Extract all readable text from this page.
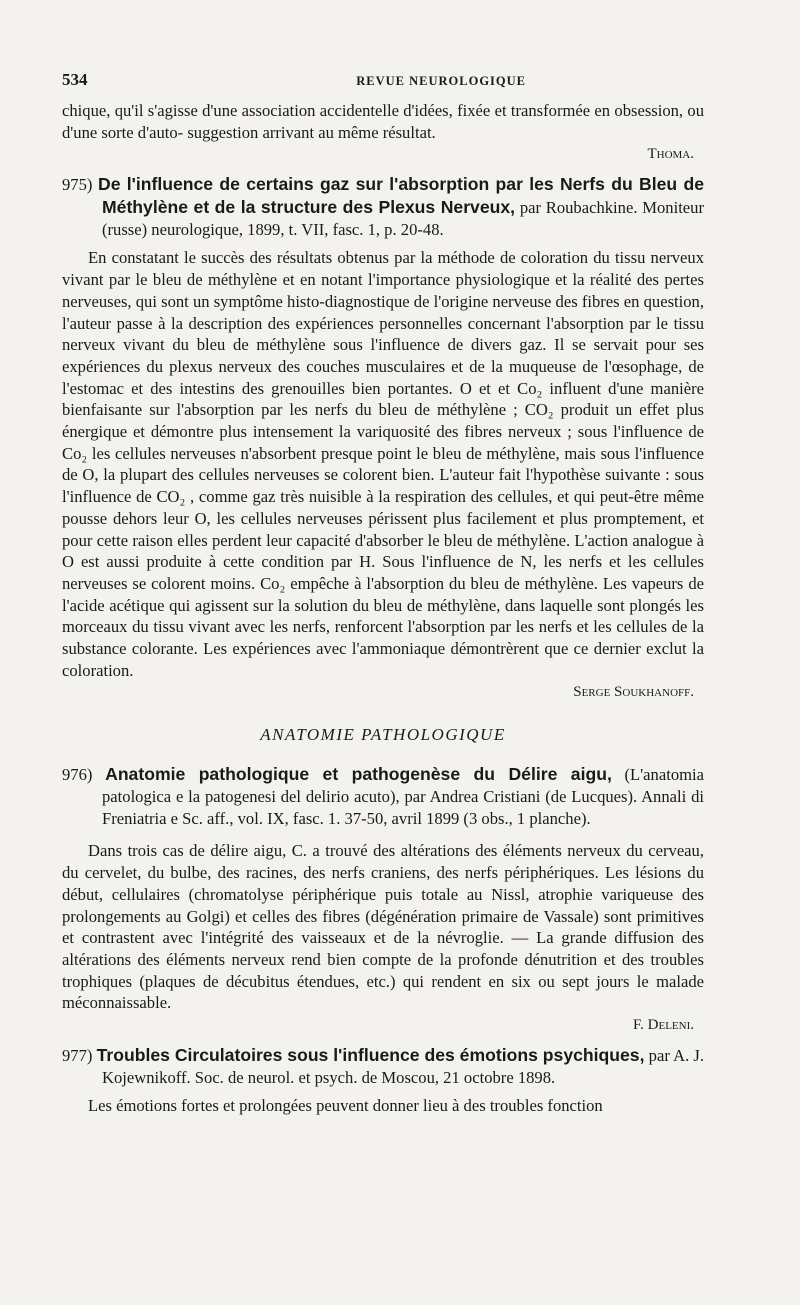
534	REVUE NEUROLOGIQUE

chique, qu'il s'agisse d'une association accidentelle d'idées, fixée et transformée en obsession, ou d'une sorte d'auto- suggestion arrivant au même résultat.

Thoma.
975) De l'influence de certains gaz sur l'absorption par les Nerfs du Bleu de Méthylène et de la structure des Plexus Nerveux, par Roubachkine. Moniteur (russe) neurologique, 1899, t. VII, fasc. 1, p. 20-48.

En constatant le succès des résultats obtenus par la méthode de coloration du tissu nerveux vivant par le bleu de méthylène et en notant l'importance physiologique et la réalité des pertes nerveuses, qui sont un symptôme histo-diagnostique de l'origine nerveuse des fibres en question, l'auteur passe à la description des expériences personnelles concernant l'absorption par le tissu nerveux vivant du bleu de méthylène sous l'influence de divers gaz. Il se servait pour ses expériences du plexus nerveux des couches musculaires et de la muqueuse de l'œsophage, de l'estomac et des intestins des grenouilles bien portantes. O et et Co₂ influent d'une manière bienfaisante sur l'absorption par les nerfs du bleu de méthylène ; CO₂ produit un effet plus énergique et démontre plus intensement la variquosité des fibres nerveux ; sous l'influence de Co₂ les cellules nerveuses n'absorbent presque point le bleu de méthylène, mais sous l'influence de O, la plupart des cellules nerveuses se colorent bien. L'auteur fait l'hypothèse suivante : sous l'influence de CO₂ , comme gaz très nuisible à la respiration des cellules, et qui peut-être même pousse dehors leur O, les cellules nerveuses périssent plus facilement et plus promptement, et pour cette raison elles perdent leur capacité d'absorber le bleu de méthylène. L'action analogue à O est aussi produite à cette condition par H. Sous l'influence de N, les nerfs et les cellules nerveuses se colorent moins. Co₂ empêche à l'absorption du bleu de méthylène. Les vapeurs de l'acide acétique qui agissent sur la solution du bleu de méthylène, dans laquelle sont plongés les morceaux du tissu vivant avec les nerfs, renforcent l'absorption par les nerfs et les cellules de la substance colorante. Les expériences avec l'ammoniaque démontrèrent que ce dernier exclut la coloration.

Serge Soukhanoff.
ANATOMIE PATHOLOGIQUE
976) Anatomie pathologique et pathogenèse du Délire aigu, (L'anatomia patologica e la patogenesi del delirio acuto), par Andrea Cristiani (de Lucques). Annali di Freniatria e Sc. aff., vol. IX, fasc. 1. 37-50, avril 1899 (3 obs., 1 planche).

Dans trois cas de délire aigu, C. a trouvé des altérations des éléments nerveux du cerveau, du cervelet, du bulbe, des racines, des nerfs craniens, des nerfs périphériques. Les lésions du début, cellulaires (chromatolyse périphérique puis totale au Nissl, atrophie variqueuse des prolongements au Golgi) et celles des fibres (dégénération primaire de Vassale) sont primitives et contrastent avec l'intégrité des vaisseaux et de la névroglie. — La grande diffusion des altérations des éléments nerveux rend bien compte de la profonde dénutrition et des troubles trophiques (plaques de décubitus étendues, etc.) qui rendent en six ou sept jours le malade méconnaissable.

F. Deleni.
977) Troubles Circulatoires sous l'influence des émotions psychiques, par A. J. Kojewnikoff. Soc. de neurol. et psych. de Moscou, 21 octobre 1898.

Les émotions fortes et prolongées peuvent donner lieu à des troubles fonction
